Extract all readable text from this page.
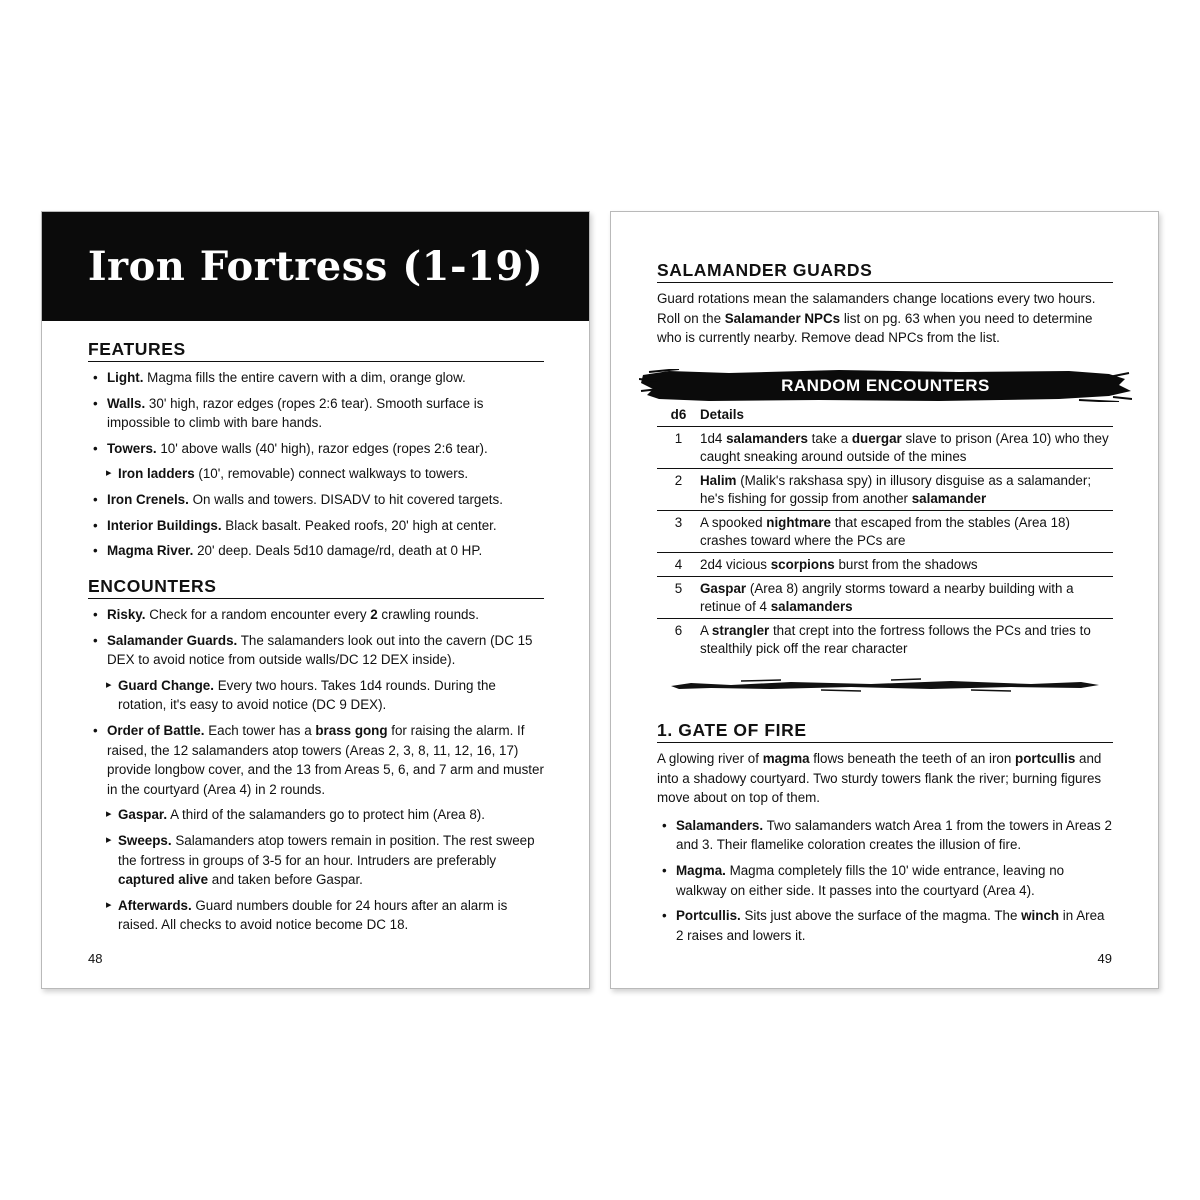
Iron Fortress (1-19)
FEATURES
• Light. Magma fills the entire cavern with a dim, orange glow.
• Walls. 30' high, razor edges (ropes 2:6 tear). Smooth surface is impossible to climb with bare hands.
• Towers. 10' above walls (40' high), razor edges (ropes 2:6 tear).
▸ Iron ladders (10', removable) connect walkways to towers.
• Iron Crenels. On walls and towers. DISADV to hit covered targets.
• Interior Buildings. Black basalt. Peaked roofs, 20' high at center.
• Magma River. 20' deep. Deals 5d10 damage/rd, death at 0 HP.
ENCOUNTERS
• Risky. Check for a random encounter every 2 crawling rounds.
• Salamander Guards. The salamanders look out into the cavern (DC 15 DEX to avoid notice from outside walls/DC 12 DEX inside).
▸ Guard Change. Every two hours. Takes 1d4 rounds. During the rotation, it's easy to avoid notice (DC 9 DEX).
• Order of Battle. Each tower has a brass gong for raising the alarm. If raised, the 12 salamanders atop towers (Areas 2, 3, 8, 11, 12, 16, 17) provide longbow cover, and the 13 from Areas 5, 6, and 7 arm and muster in the courtyard (Area 4) in 2 rounds.
▸ Gaspar. A third of the salamanders go to protect him (Area 8).
▸ Sweeps. Salamanders atop towers remain in position. The rest sweep the fortress in groups of 3-5 for an hour. Intruders are preferably captured alive and taken before Gaspar.
▸ Afterwards. Guard numbers double for 24 hours after an alarm is raised. All checks to avoid notice become DC 18.
48
SALAMANDER GUARDS

Guard rotations mean the salamanders change locations every two hours. Roll on the Salamander NPCs list on pg. 63 when you need to determine who is currently nearby. Remove dead NPCs from the list.

RANDOM ENCOUNTERS
d6	Details
1	1d4 salamanders take a duergar slave to prison (Area 10) who they caught sneaking around outside of the mines
2	Halim (Malik's rakshasa spy) in illusory disguise as a salamander; he's fishing for gossip from another salamander
3	A spooked nightmare that escaped from the stables (Area 18) crashes toward where the PCs are
4	2d4 vicious scorpions burst from the shadows
5	Gaspar (Area 8) angrily storms toward a nearby building with a retinue of 4 salamanders
6	A strangler that crept into the fortress follows the PCs and tries to stealthily pick off the rear character
1. GATE OF FIRE

A glowing river of magma flows beneath the teeth of an iron portcullis and into a shadowy courtyard. Two sturdy towers flank the river; burning figures move about on top of them.

• Salamanders. Two salamanders watch Area 1 from the towers in Areas 2 and 3. Their flamelike coloration creates the illusion of fire.
• Magma. Magma completely fills the 10' wide entrance, leaving no walkway on either side. It passes into the courtyard (Area 4).
• Portcullis. Sits just above the surface of the magma. The winch in Area 2 raises and lowers it.
49
